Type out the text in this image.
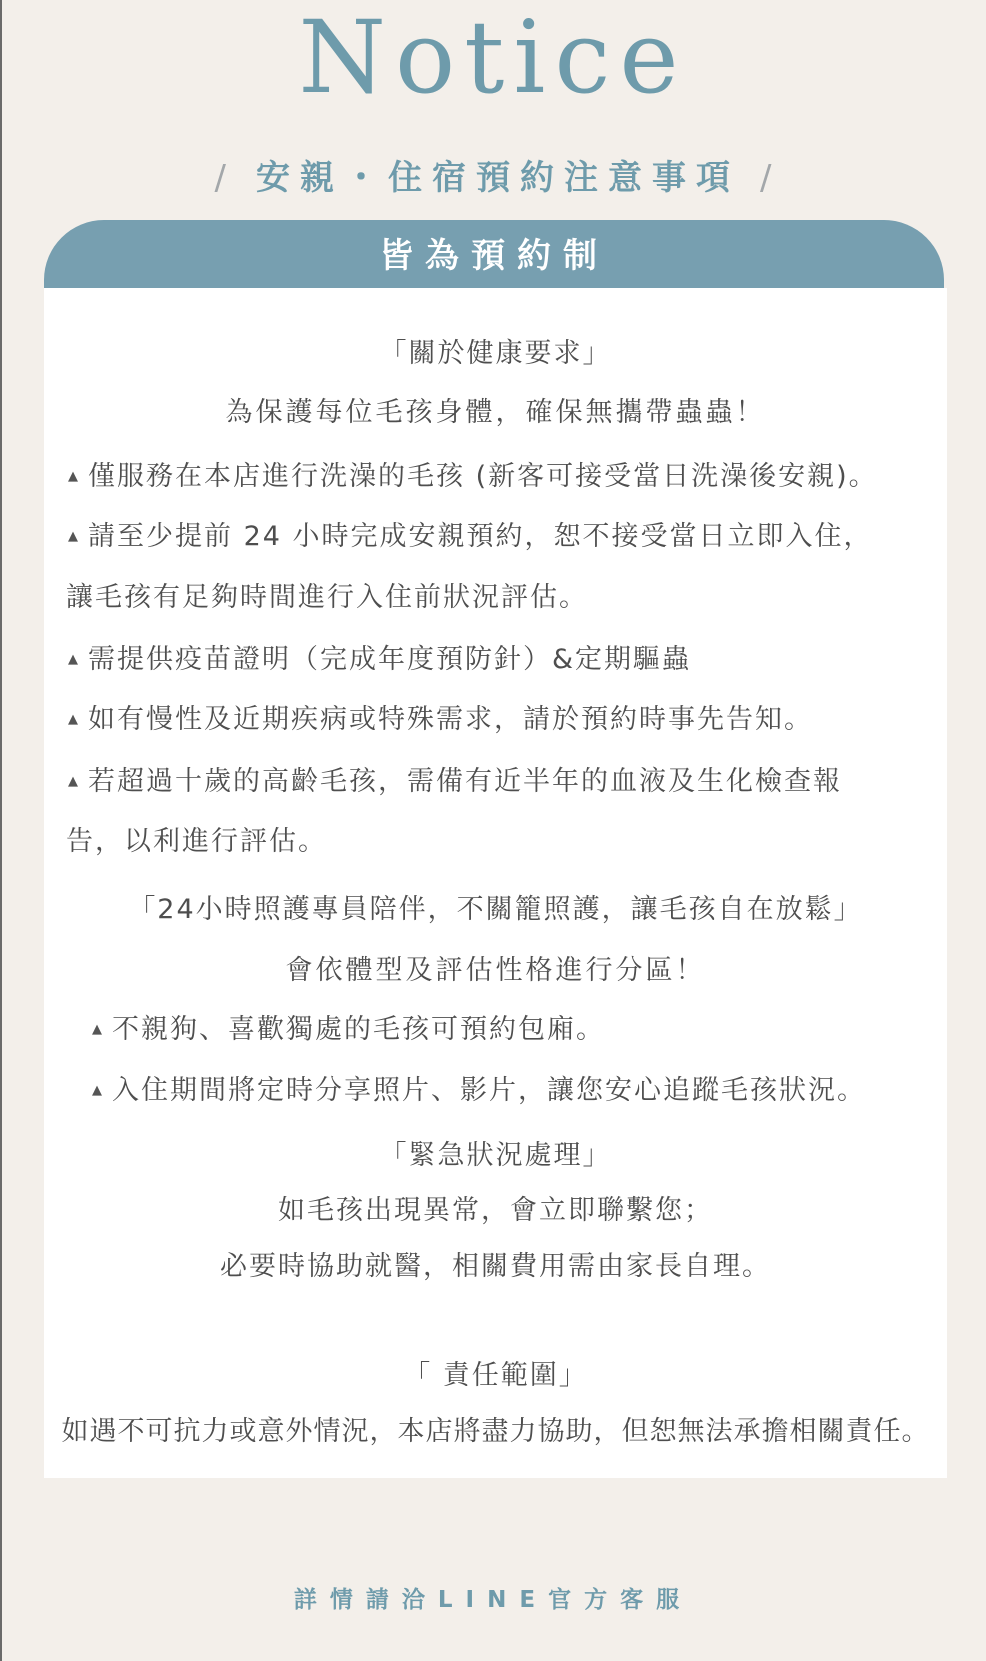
Notice
/ 安親・住宿預約注意事項 /
皆為預約制
「關於健康要求」
為保護每位毛孩身體，確保無攜帶蟲蟲！
▲ 僅服務在本店進行洗澡的毛孩 (新客可接受當日洗澡後安親)。
▲ 請至少提前 24 小時完成安親預約，恕不接受當日立即入住，
讓毛孩有足夠時間進行入住前狀況評估。
▲ 需提供疫苗證明（完成年度預防針）&定期驅蟲
▲ 如有慢性及近期疾病或特殊需求，請於預約時事先告知。
▲ 若超過十歲的高齡毛孩，需備有近半年的血液及生化檢查報
告，以利進行評估。
「24小時照護專員陪伴，不關籠照護，讓毛孩自在放鬆」
會依體型及評估性格進行分區！
▲ 不親狗、喜歡獨處的毛孩可預約包廂。
▲ 入住期間將定時分享照片、影片，讓您安心追蹤毛孩狀況。
「緊急狀況處理」
如毛孩出現異常，會立即聯繫您；
必要時協助就醫，相關費用需由家長自理。
「 責任範圍」
如遇不可抗力或意外情況，本店將盡力協助，但恕無法承擔相關責任。
詳情請洽LINE官方客服
